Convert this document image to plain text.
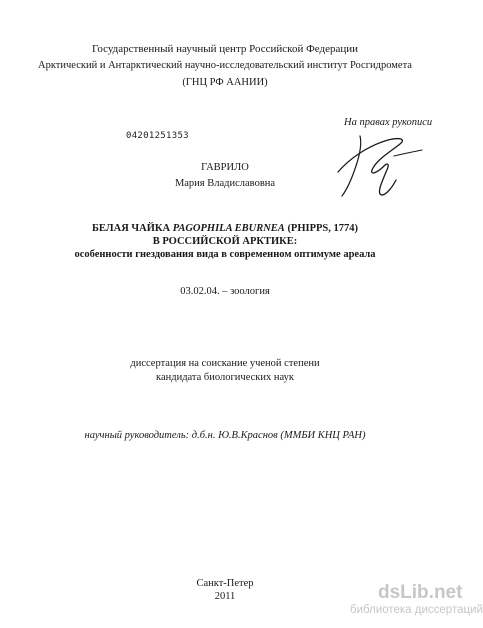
Государственный научный центр Российской Федерации
Арктический и Антарктический научно-исследовательский институт Росгидромета
(ГНЦ РФ ААНИИ)
На правах рукописи
04201251353
ГАВРИЛО
Мария Владиславовна
БЕЛАЯ ЧАЙКА PAGOPHILA EBURNEA (PHIPPS, 1774)
В РОССИЙСКОЙ АРКТИКЕ:
особенности гнездования вида в современном оптимуме ареала
03.02.04. – зоология
диссертация на соискание ученой степени
кандидата биологических наук
научный руководитель: д.б.н. Ю.В.Краснов (ММБИ КНЦ РАН)
Санкт-Петер
2011	dsLib.net
библиотека диссертаций
